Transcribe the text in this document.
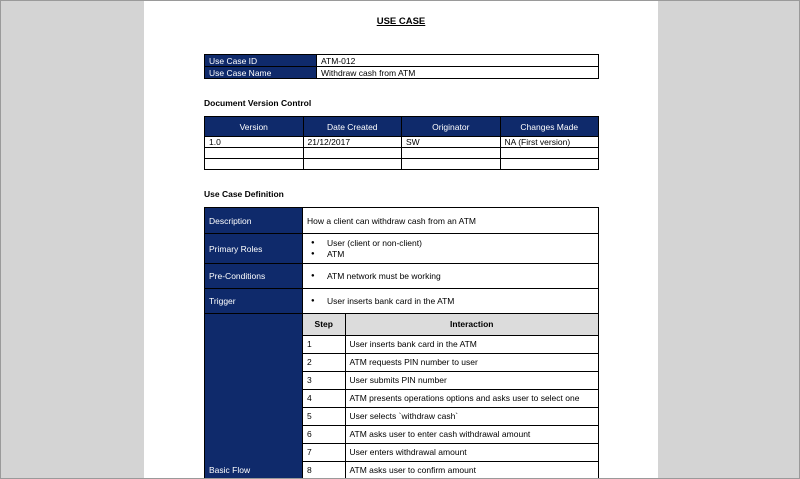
USE CASE
Use Case ID	ATM-012
Use Case Name	Withdraw cash from ATM
Document Version Control
Version	Date Created	Originator	Changes Made
1.0	21/12/2017	SW	NA (First version)

Use Case Definition
Description	How a client can withdraw cash from an ATM
Primary Roles	
● User (client or non-client)
● ATM

Pre-Conditions	
●ATM network must be working

Trigger	
●User inserts bank card in the ATM

Basic Flow

Step	Interaction
1	User inserts bank card in the ATM
2	ATM requests PIN number to user
3	User submits PIN number
4	ATM presents operations options and asks user to select one
5	User selects `withdraw cash`
6	ATM asks user to enter cash withdrawal amount
7	User enters withdrawal amount
8	ATM asks user to confirm amount
